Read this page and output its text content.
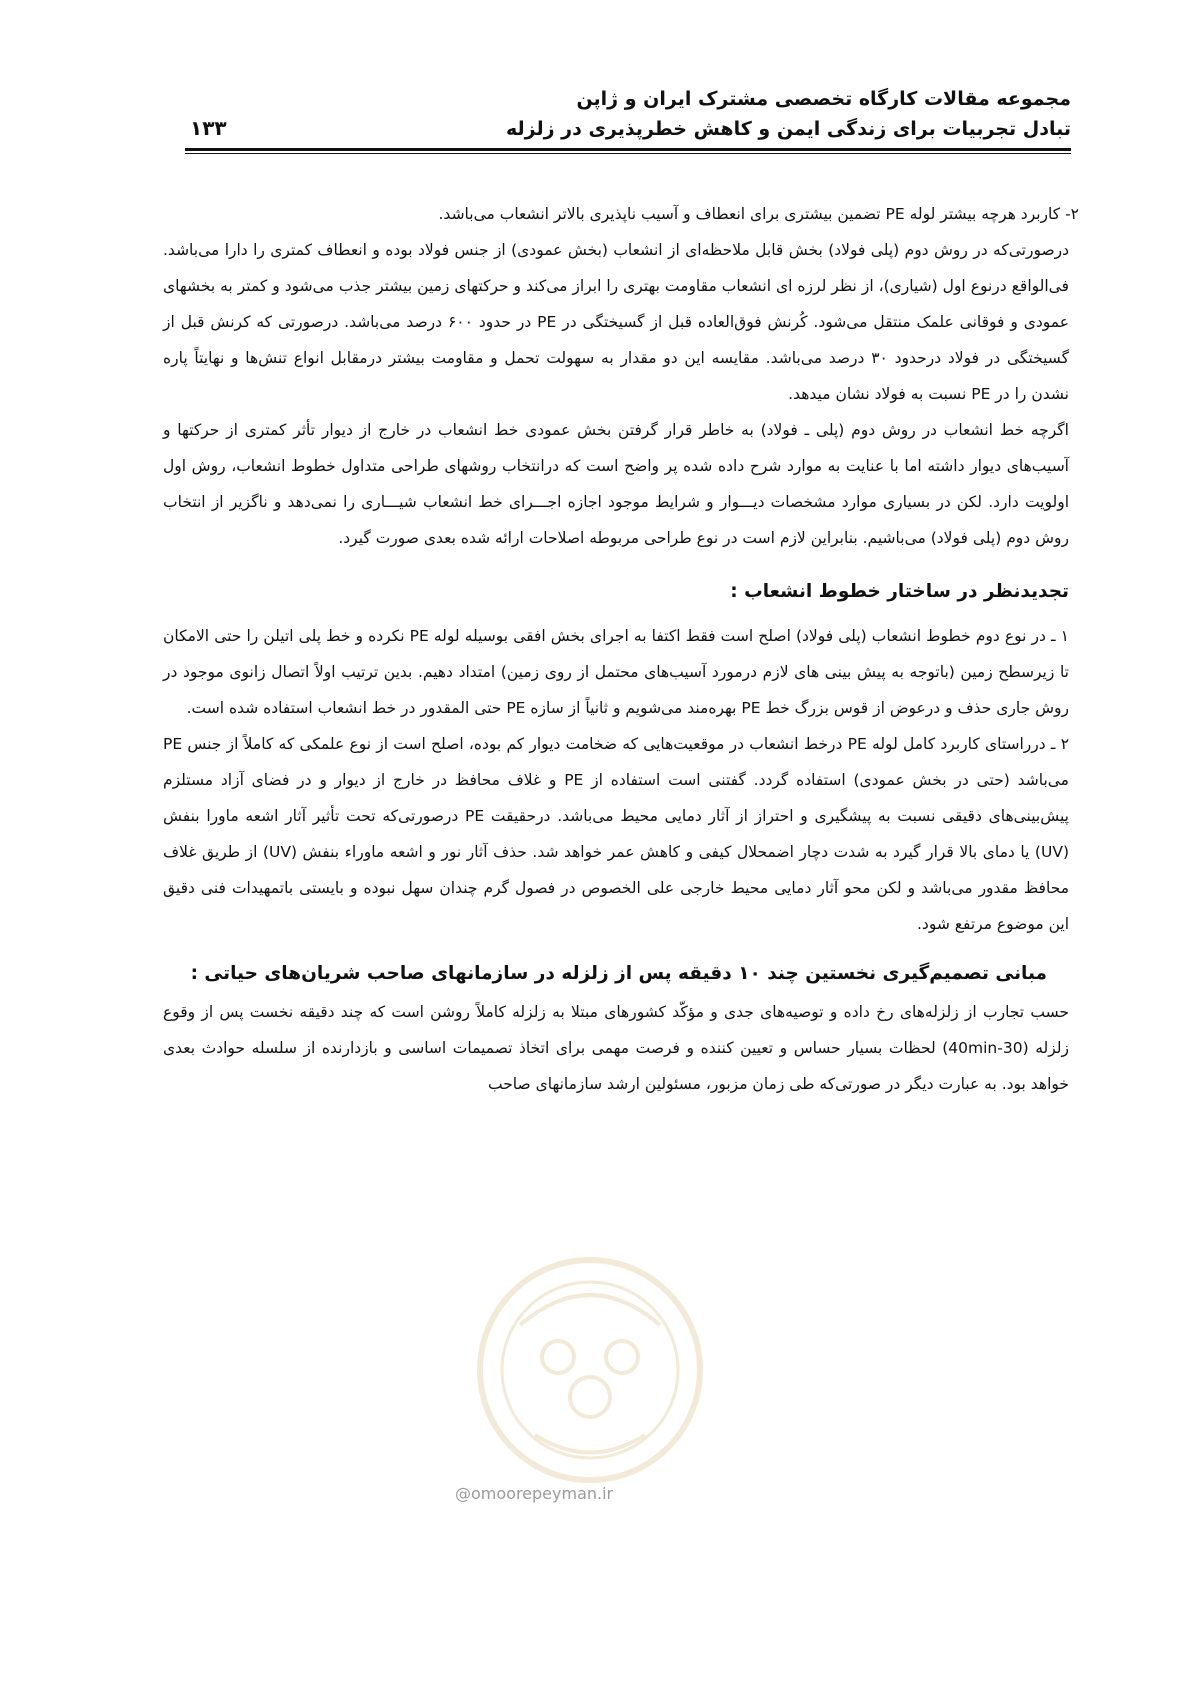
مجموعه مقالات کارگاه تخصصی مشترک ایران و ژاپن
تبادل تجربیات برای زندگی ایمن و کاهش خطرپذیری در زلزله
۱۳۳

۲- کاربرد هرچه بیشتر لوله PE تضمین بیشتری برای انعطاف و آسیب ناپذیری بالاتر انشعاب می‌باشد.

درصورتی‌که در روش دوم (پلی فولاد) بخش قابل ملاحظه‌ای از انشعاب (بخش عمودی) از جنس فولاد بوده و انعطاف کمتری را دارا می‌باشد. فی‌الواقع درنوع اول (شیاری)، از نظر لرزه ای انشعاب مقاومت بهتری را ابراز می‌کند و حرکتهای زمین بیشتر جذب می‌شود و کمتر به بخشهای عمودی و فوقانی علمک منتقل می‌شود. کُرنش فوق‌العاده قبل از گسیختگی در PE در حدود ۶۰۰ درصد می‌باشد. درصورتی که کرنش قبل از گسیختگی در فولاد درحدود ۳۰ درصد می‌باشد. مقایسه این دو مقدار به سهولت تحمل و مقاومت بیشتر درمقابل انواع تنش‌ها و نهایتاً پاره نشدن را در PE نسبت به فولاد نشان میدهد.

اگرچه خط انشعاب در روش دوم (پلی ـ فولاد) به خاطر قرار گرفتن بخش عمودی خط انشعاب در خارج از دیوار تأثر کمتری از حرکتها و آسیب‌های دیوار داشته اما با عنایت به موارد شرح داده شده پر واضح است که درانتخاب روشهای طراحی متداول خطوط انشعاب، روش اول اولویت دارد. لکن در بسیاری موارد مشخصات دیـــوار و شرایط موجود اجازه اجـــرای خط انشعاب شیـــاری را نمی‌دهد و ناگزیر از انتخاب روش دوم (پلی فولاد) می‌باشیم. بنابراین لازم است در نوع طراحی مربوطه اصلاحات ارائه شده بعدی صورت گیرد.

تجدیدنظر در ساختار خطوط انشعاب :

۱ ـ در نوع دوم خطوط انشعاب (پلی فولاد) اصلح است فقط اکتفا به اجرای بخش افقی بوسیله لوله PE نکرده و خط پلی اتیلن را حتی الامکان تا زیرسطح زمین (باتوجه به پیش بینی های لازم درمورد آسیب‌های محتمل از روی زمین) امتداد دهیم. بدین ترتیب اولاً اتصال زانوی موجود در روش جاری حذف و درعوض از قوس بزرگ خط PE بهره‌مند می‌شویم و ثانیاً از سازه PE حتی المقدور در خط انشعاب استفاده شده است.

۲ ـ درراستای کاربرد کامل لوله PE درخط انشعاب در موقعیت‌هایی که ضخامت دیوار کم بوده، اصلح است از نوع علمکی که کاملاً از جنس PE می‌باشد (حتی در بخش عمودی) استفاده گردد. گفتنی است استفاده از PE و غلاف محافظ در خارج از دیوار و در فضای آزاد مستلزم پیش‌بینی‌های دقیقی نسبت به پیشگیری و احتراز از آثار دمایی محیط می‌باشد. درحقیقت PE درصورتی‌که تحت تأثیر آثار اشعه ماورا بنفش (UV) یا دمای بالا قرار گیرد به شدت دچار اضمحلال کیفی و کاهش عمر خواهد شد. حذف آثار نور و اشعه ماوراء بنفش (UV) از طریق غلاف محافظ مقدور می‌باشد و لکن محو آثار دمایی محیط خارجی علی الخصوص در فصول گرم چندان سهل نبوده و بایستی باتمهیدات فنی دقیق این موضوع مرتفع شود.

مبانی تصمیم‌گیری نخستین چند ۱۰ دقیقه پس از زلزله در سازمانهای صاحب شریان‌های حیاتی :

حسب تجارب از زلزله‌های رخ داده و توصیه‌های جدی و مؤکّد کشورهای مبتلا به زلزله کاملاً روشن است که چند دقیقه نخست پس از وقوع زلزله (30-40min) لحظات بسیار حساس و تعیین کننده و فرصت مهمی برای اتخاذ تصمیمات اساسی و بازدارنده از سلسله حوادث بعدی خواهد بود. به عبارت دیگر در صورتی‌که طی زمان مزبور، مسئولین ارشد سازمانهای صاحب

@omoorepeyman.ir
